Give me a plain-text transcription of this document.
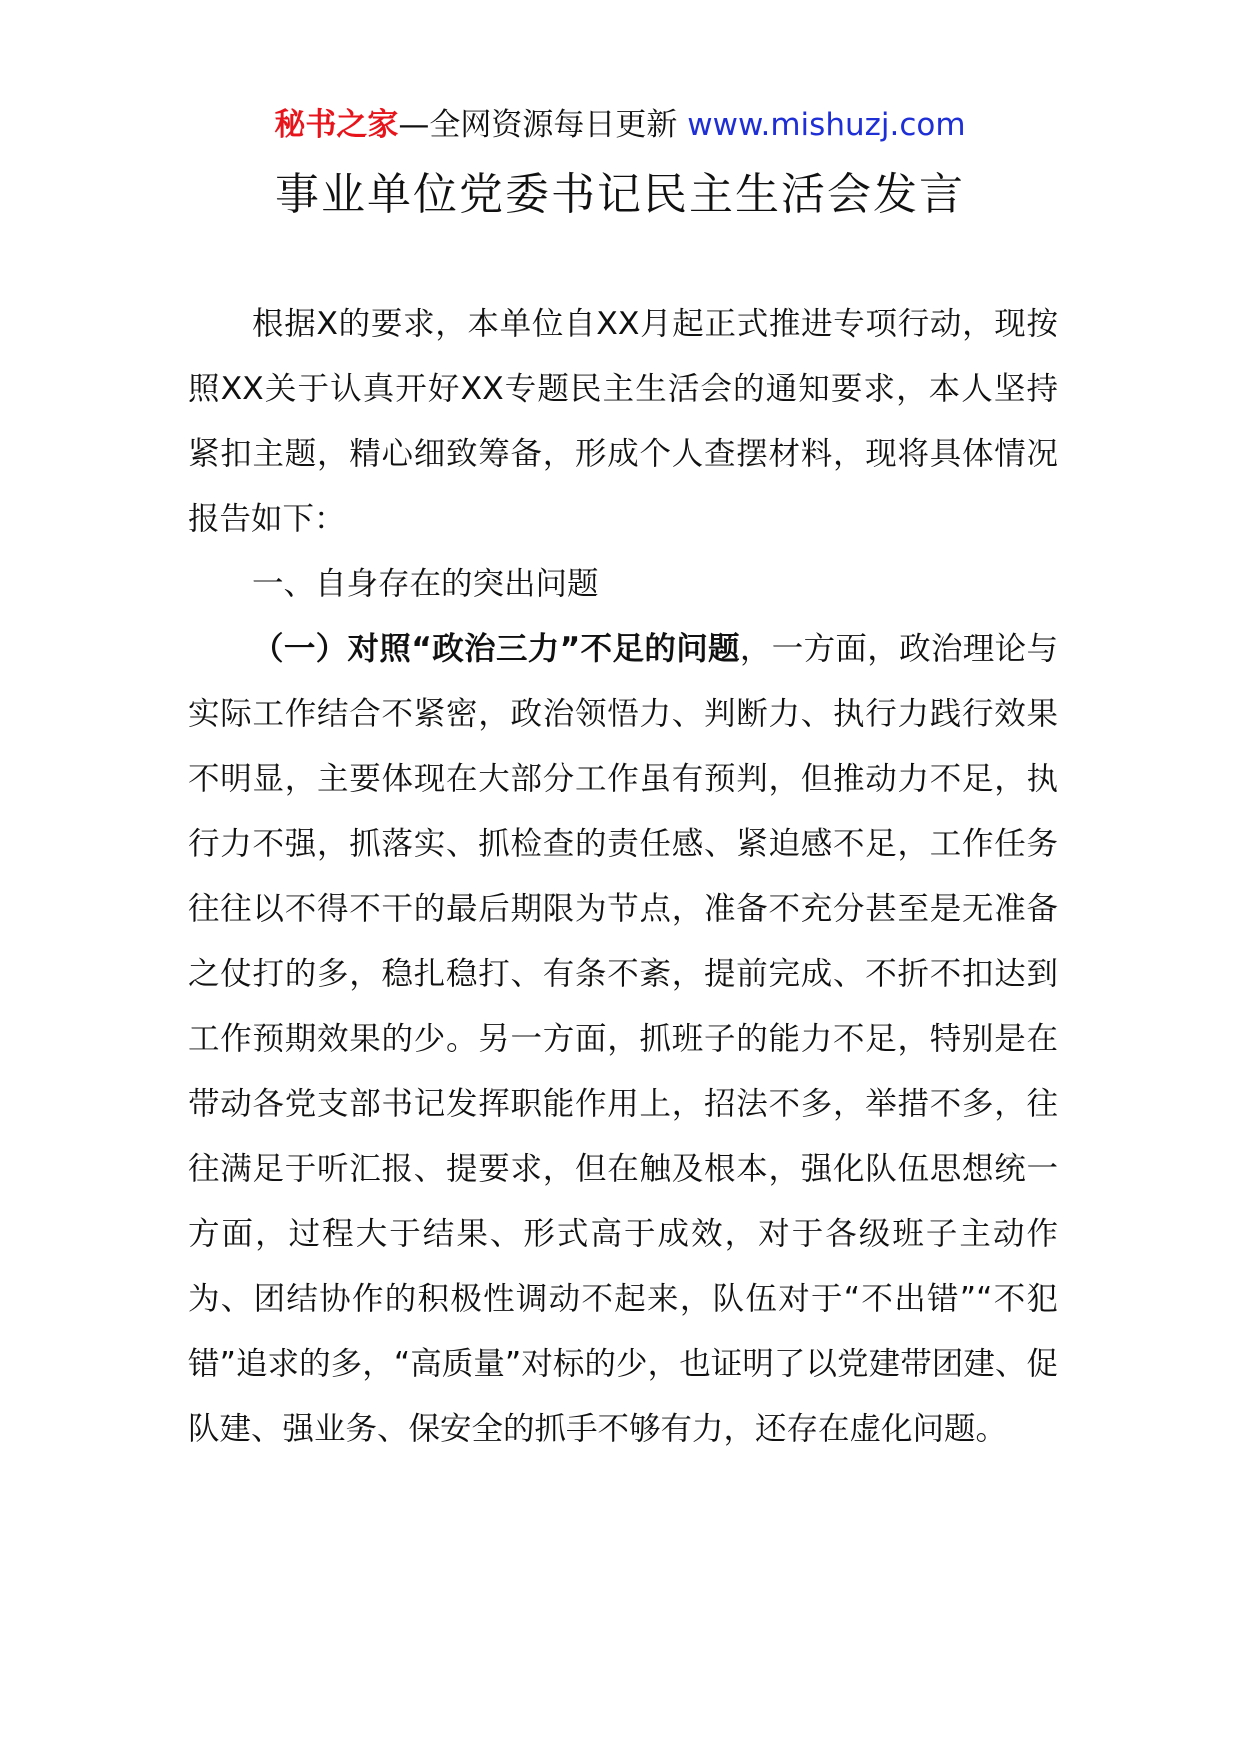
秘书之家—全网资源每日更新 www.mishuzj.com
事业单位党委书记民主生活会发言

根据X的要求，本单位自XX月起正式推进专项行动，现按照XX关于认真开好XX专题民主生活会的通知要求，本人坚持紧扣主题，精心细致筹备，形成个人查摆材料，现将具体情况报告如下：

一、自身存在的突出问题

（一）对照“政治三力”不足的问题，一方面，政治理论与实际工作结合不紧密，政治领悟力、判断力、执行力践行效果不明显，主要体现在大部分工作虽有预判，但推动力不足，执行力不强，抓落实、抓检查的责任感、紧迫感不足，工作任务往往以不得不干的最后期限为节点，准备不充分甚至是无准备之仗打的多，稳扎稳打、有条不紊，提前完成、不折不扣达到工作预期效果的少。另一方面，抓班子的能力不足，特别是在带动各党支部书记发挥职能作用上，招法不多，举措不多，往往满足于听汇报、提要求，但在触及根本，强化队伍思想统一方面，过程大于结果、形式高于成效，对于各级班子主动作为、团结协作的积极性调动不起来，队伍对于“不出错”“不犯错”追求的多，“高质量”对标的少，也证明了以党建带团建、促队建、强业务、保安全的抓手不够有力，还存在虚化问题。
